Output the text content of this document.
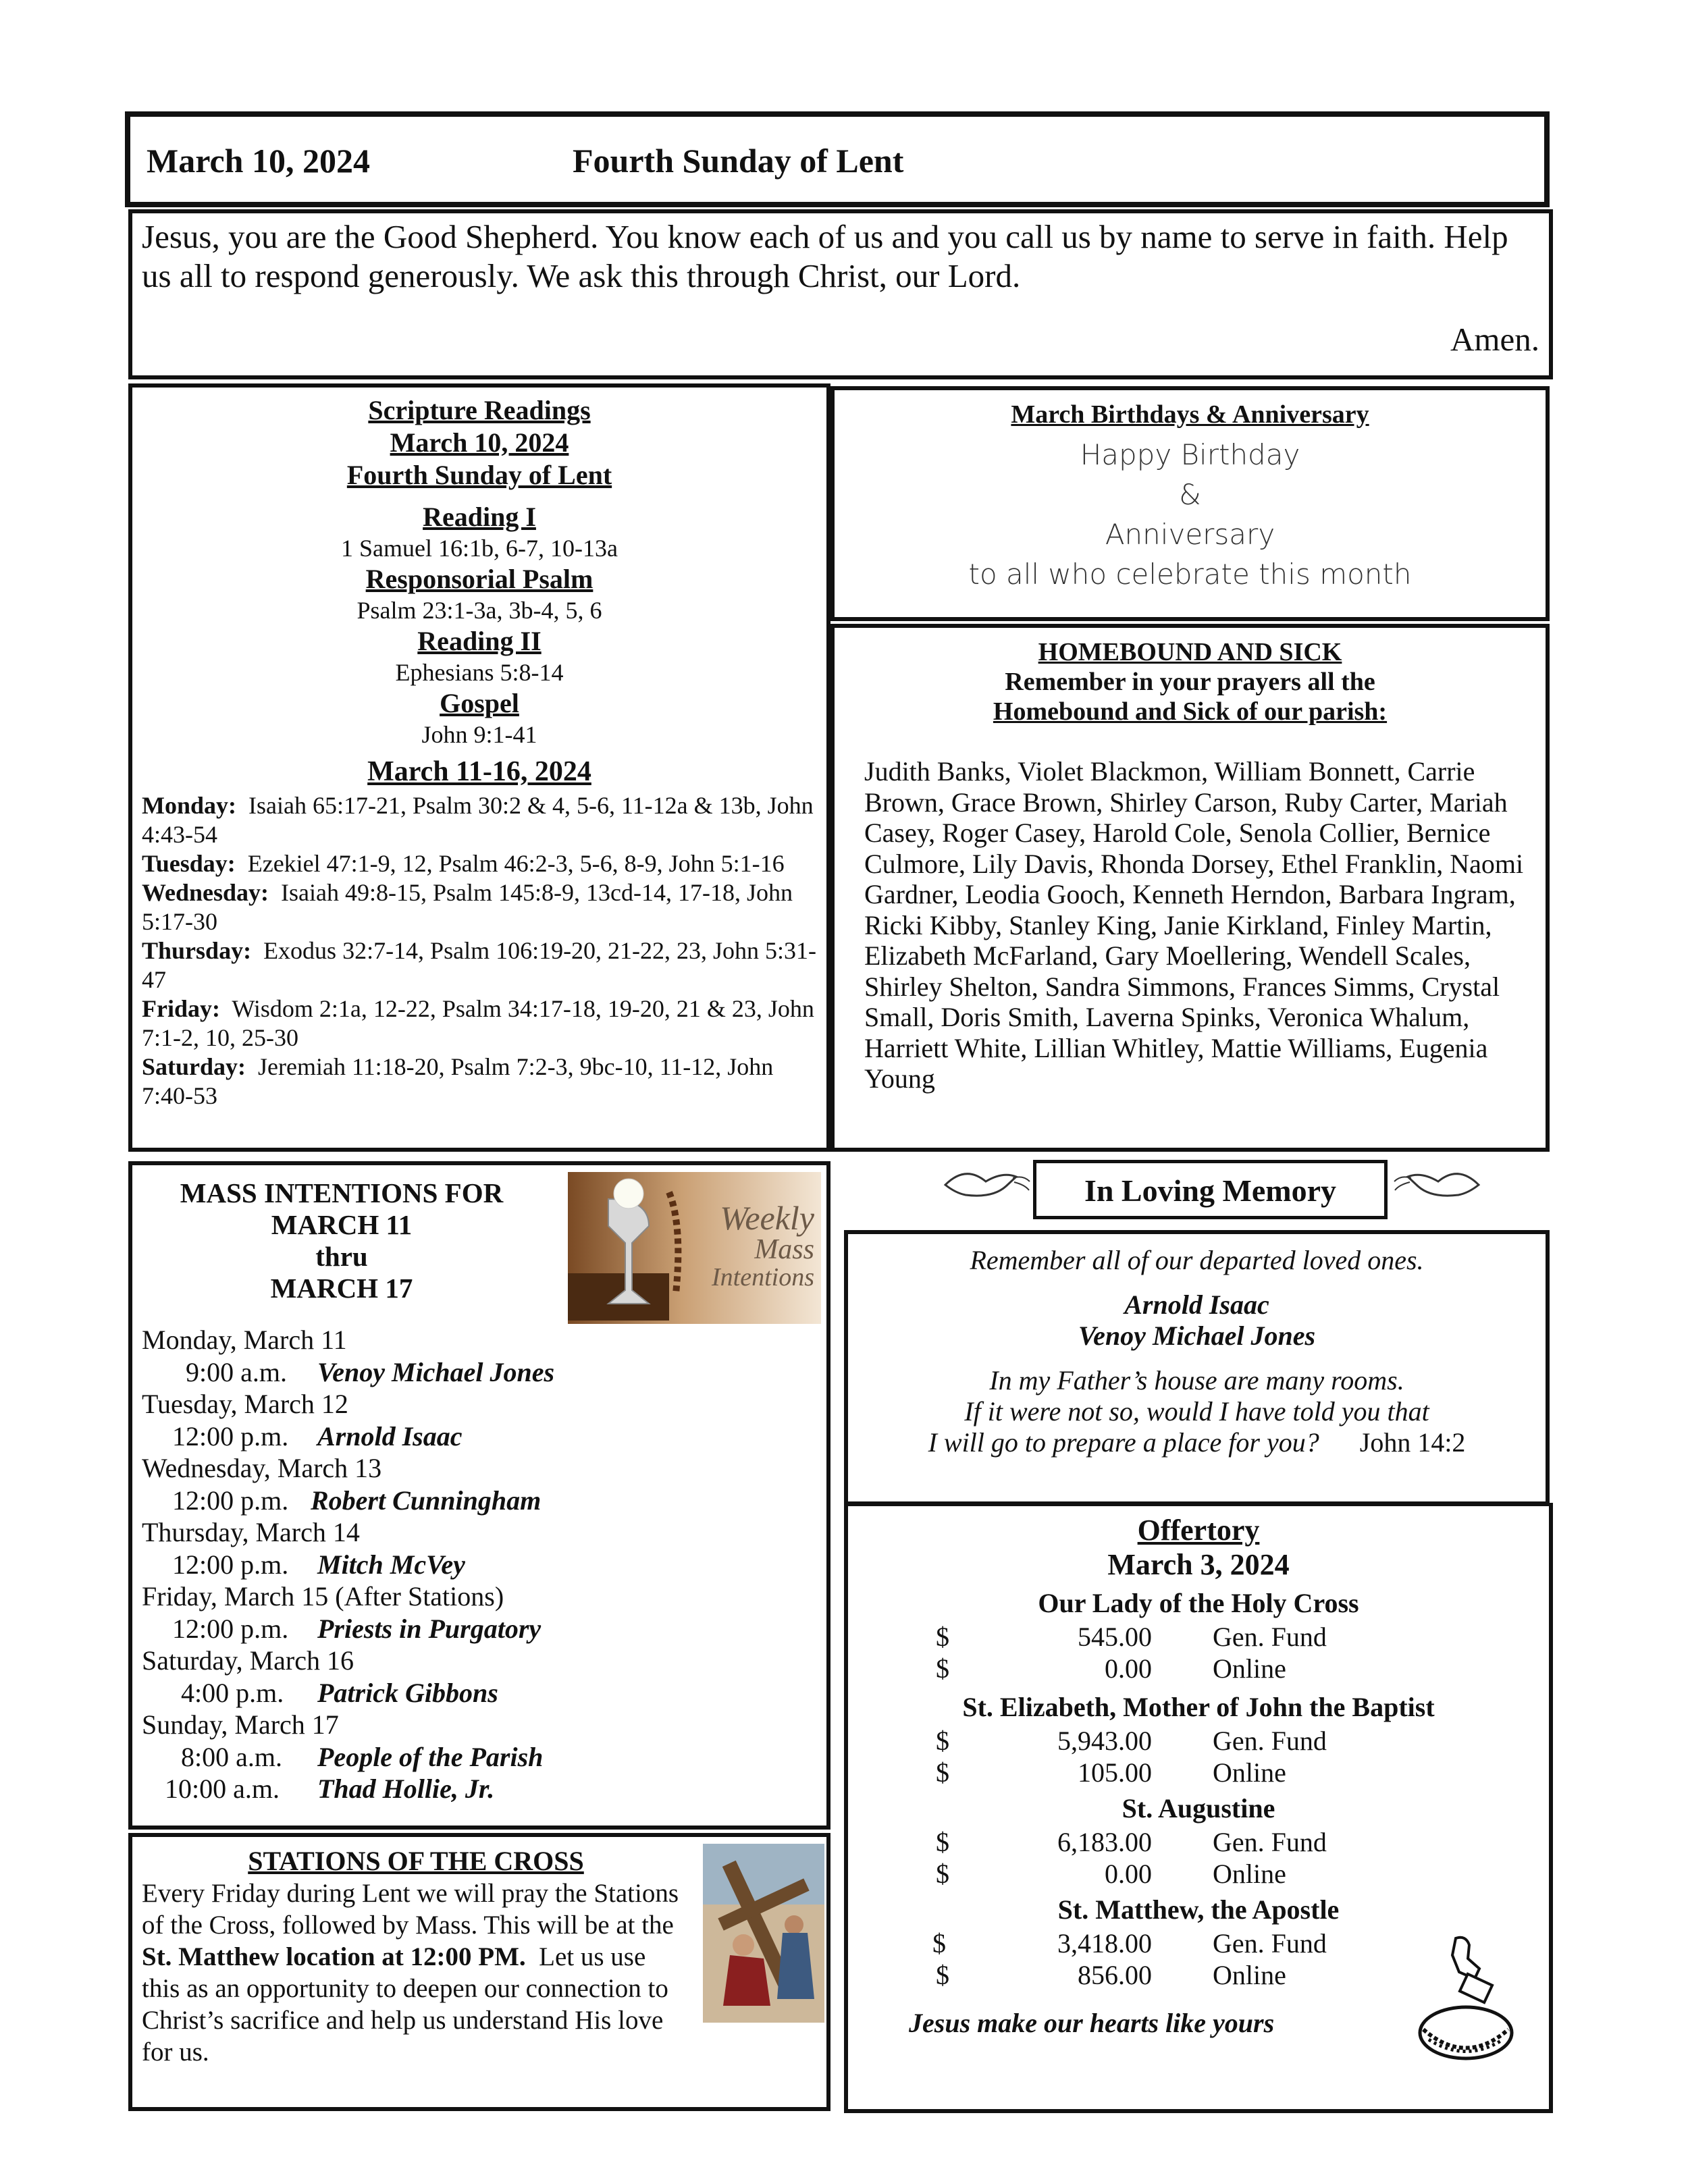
March 10, 2024	Fourth Sunday of Lent
Jesus, you are the Good Shepherd. You know each of us and you call us by name to serve in faith. Help us all to respond generously. We ask this through Christ, our Lord.
Amen.
Scripture Readings
March 10, 2024
Fourth Sunday of Lent
Reading I
1 Samuel 16:1b, 6-7, 10-13a
Responsorial Psalm
Psalm 23:1-3a, 3b-4, 5, 6
Reading II
Ephesians 5:8-14
Gospel
John 9:1-41
March 11-16, 2024

Monday: Isaiah 65:17-21, Psalm 30:2 & 4, 5-6, 11-12a & 13b, John 4:43-54

Tuesday: Ezekiel 47:1-9, 12, Psalm 46:2-3, 5-6, 8-9, John 5:1-16

Wednesday: Isaiah 49:8-15, Psalm 145:8-9, 13cd-14, 17-18, John 5:17-30

Thursday: Exodus 32:7-14, Psalm 106:19-20, 21-22, 23, John 5:31-47

Friday: Wisdom 2:1a, 12-22, Psalm 34:17-18, 19-20, 21 & 23, John 7:1-2, 10, 25-30

Saturday: Jeremiah 11:18-20, Psalm 7:2-3, 9bc-10, 11-12, John 7:40-53

March Birthdays & Anniversary
Happy Birthday
&
Anniversary
to all who celebrate this month
HOMEBOUND AND SICK
Remember in your prayers all the
Homebound and Sick of our parish:
Judith Banks, Violet Blackmon, William Bonnett, Carrie Brown, Grace Brown, Shirley Carson, Ruby Carter, Mariah Casey, Roger Casey, Harold Cole, Senola Collier, Bernice Culmore, Lily Davis, Rhonda Dorsey, Ethel Franklin, Naomi Gardner, Leodia Gooch, Kenneth Herndon, Barbara Ingram, Ricki Kibby, Stanley King, Janie Kirkland, Finley Martin, Elizabeth McFarland, Gary Moellering, Wendell Scales, Shirley Shelton, Sandra Simmons, Frances Simms, Crystal Small, Doris Smith, Laverna Spinks, Veronica Whalum, Harriett White, Lillian Whitley, Mattie Williams, Eugenia Young
MASS INTENTIONS FOR
MARCH 11
thru
MARCH 17
Weekly
Mass
Intentions
Monday, March 11
9:00 a.m.	Venoy Michael Jones
Tuesday, March 12
12:00 p.m.	Arnold Isaac
Wednesday, March 13
12:00 p.m. Robert Cunningham
Thursday, March 14
12:00 p.m.	Mitch McVey
Friday, March 15 (After Stations)
12:00 p.m.	Priests in Purgatory
Saturday, March 16
4:00 p.m.	Patrick Gibbons
Sunday, March 17
8:00 a.m.	People of the Parish
10:00 a.m.	Thad Hollie, Jr.
STATIONS OF THE CROSS
Every Friday during Lent we will pray the Stations of the Cross, followed by Mass. This will be at the St. Matthew location at 12:00 PM. Let us use this as an opportunity to deepen our connection to Christ’s sacrifice and help us understand His love for us.
In Loving Memory
Remember all of our departed loved ones.
Arnold Isaac
Venoy Michael Jones
In my Father’s house are many rooms.
If it were not so, would I have told you that
I will go to prepare a place for you? John 14:2
Offertory
March 3, 2024
Our Lady of the Holy Cross
$	545.00 Gen. Fund
$	0.00 Online
St. Elizabeth, Mother of John the Baptist
$	5,943.00 Gen. Fund
$	105.00 Online
St. Augustine
$	6,183.00 Gen. Fund
$	0.00 Online
St. Matthew, the Apostle
$	3,418.00 Gen. Fund
$	856.00 Online
Jesus make our hearts like yours
